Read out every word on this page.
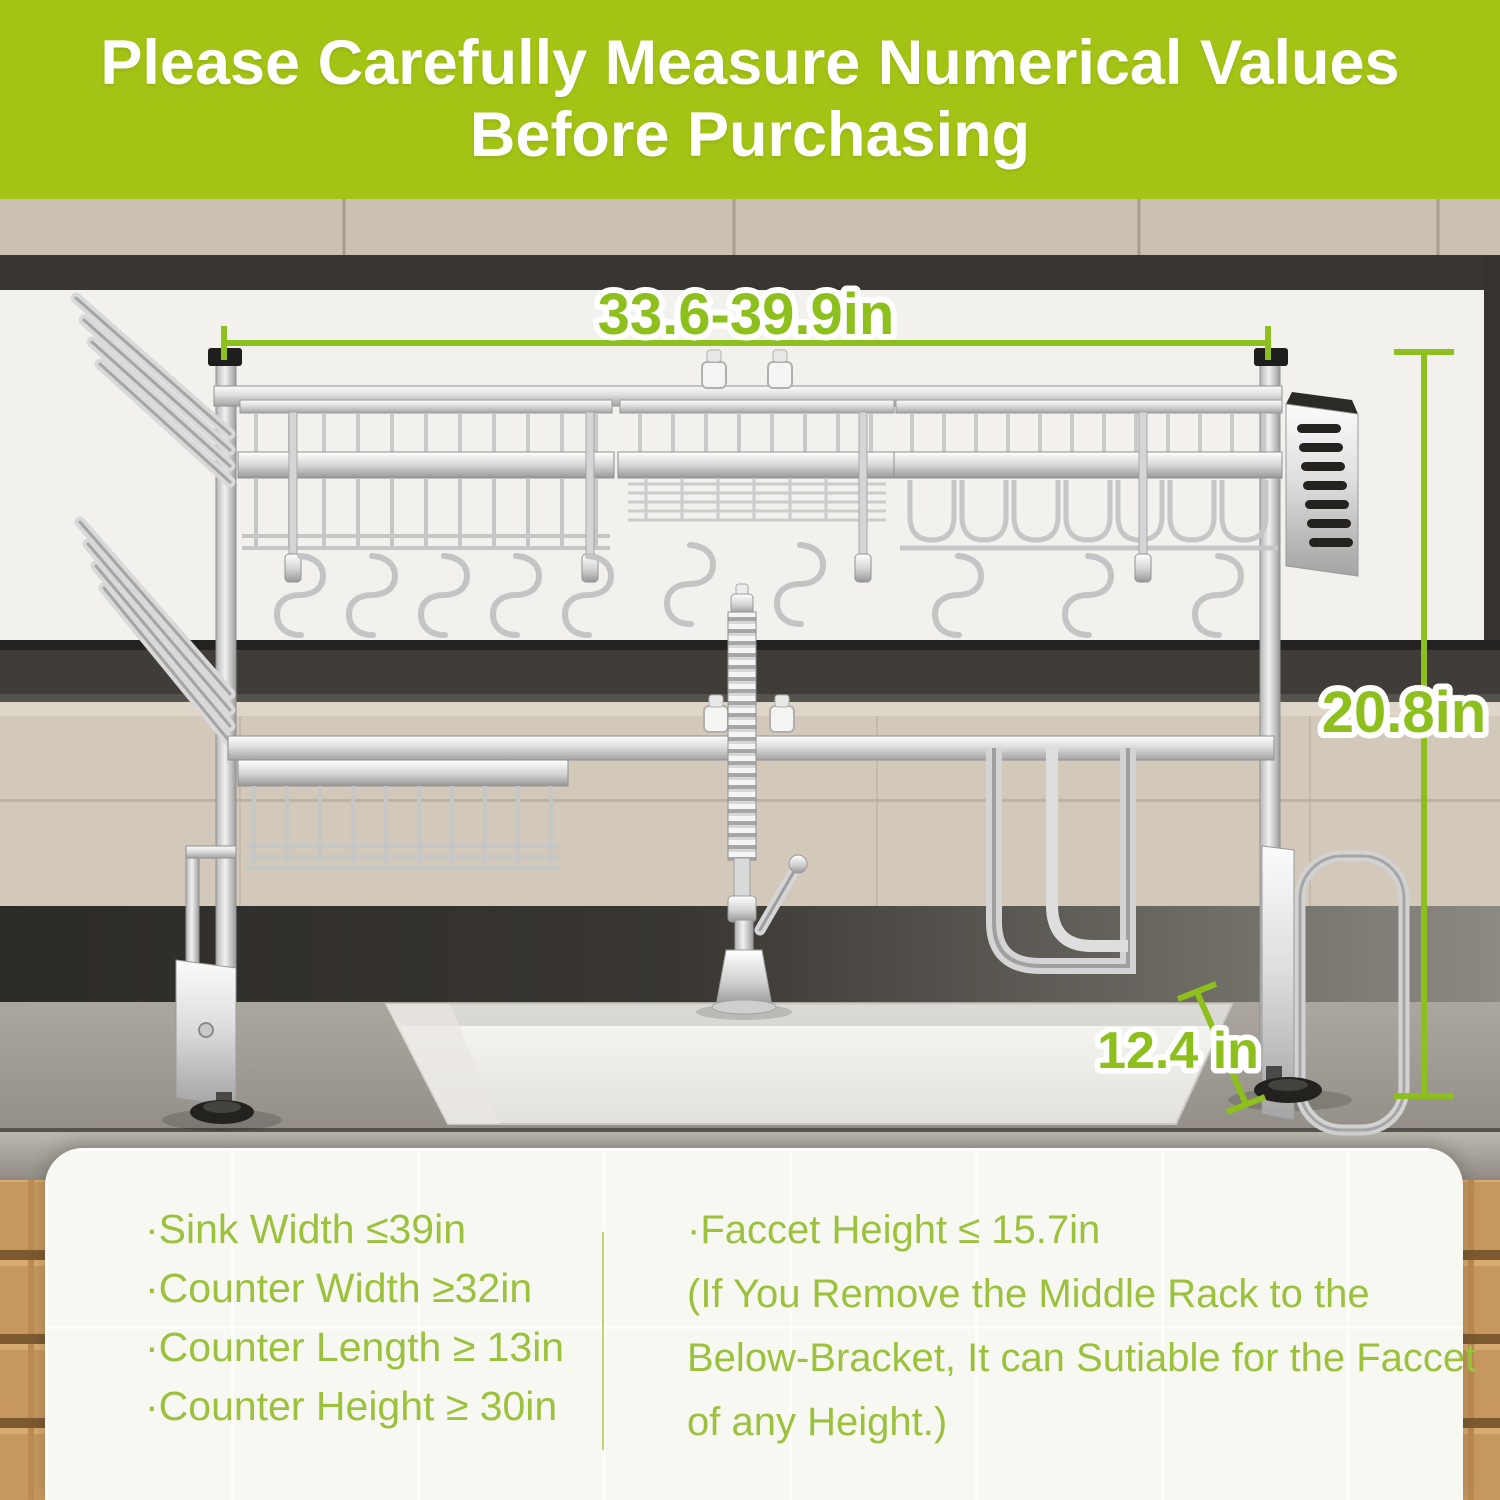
33.6-39.9in
20.8in
12.4 in
Please Carefully Measure Numerical Values
Before Purchasing
·Sink Width ≤39in
·Counter Width ≥32in
·Counter Length ≥ 13in
·Counter Height ≥ 30in
·Faccet Height ≤ 15.7in
(If You Remove the Middle Rack to the
Below-Bracket, It can Sutiable for the Faccet
of any Height.)
